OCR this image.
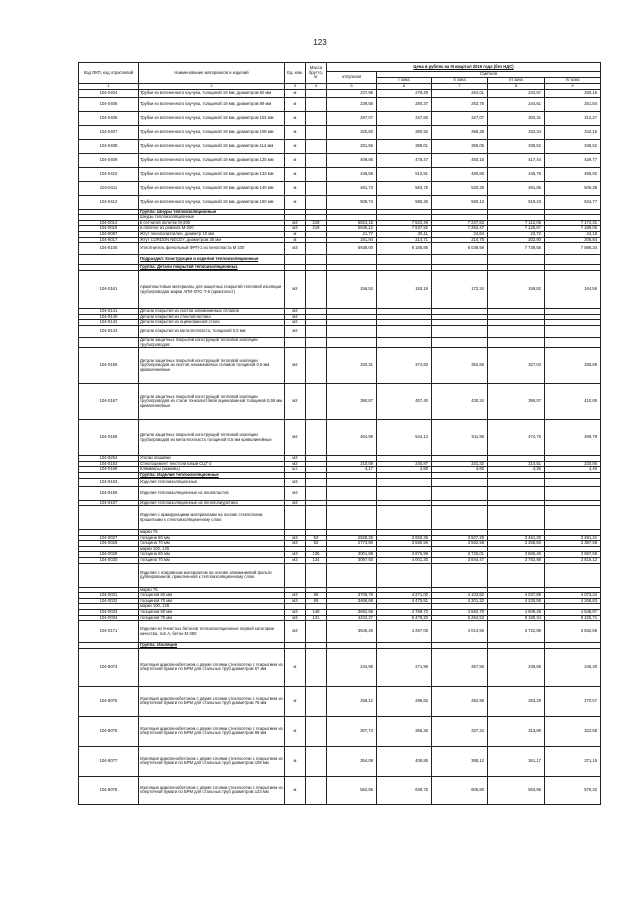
123
Код ОКП, код отраслевой	Наименование материалов и изделий	Ед. изм.	Масса брутто, кг	Цена в рублях на III квартал 2016 года (без НДС)				
				отпускная	Сметная			
					I зона	II зона	III зона	IV зона
1	2	3	4	5	6	7	8	9
104-0404	Трубки из вспененного каучука, толщиной 19 мм, диаметром 60 мм	м		237,96	278,49	262,01	242,67	250,15
104-0405	Трубки из вспененного каучука, толщиной 19 мм, диаметром 89 мм	м		239,56	280,37	263,78	244,61	251,84
104-0406	Трубки из вспененного каучука, толщиной 19 мм, диаметром 102 мм	м		297,07	347,65	327,07	303,31	312,27
104-0407	Трубки из вспененного каучука, толщиной 19 мм, диаметром 108 мм	м		325,50	380,92	358,38	332,34	342,15
104-0408	Трубки из вспененного каучука, толщиной 19 мм, диаметром 114 мм	м		331,56	388,01	365,05	338,52	348,52
104-0409	Трубки из вспененного каучука, толщиной 19 мм, диаметром 125 мм	м		408,86	478,47	450,15	417,44	429,77
104-0410	Трубки из вспененного каучука, толщиной 19 мм, диаметром 133 мм	м		436,58	510,91	480,68	445,75	458,92
104-0411	Трубки из вспененного каучука, толщиной 19 мм, диаметром 140 мм	м		481,73	563,75	530,39	491,85	506,38
104-0412	Трубки из вспененного каучука, толщиной 19 мм, диаметром 160 мм	м		508,74	595,36	560,13	519,43	534,77
	Группа: Шнуры теплоизоляционные							
	Шнуры теплоизоляционные							
104-0014	в сетчатой оплетке М-200	м3	219	5824,15	7 522,49	7 237,63	7 112,05	7 174,31
104-0015	в оплетке из ровинга М-200	м3	219	5836,12	7 537,92	7 252,47	7 126,67	7 189,05
104-8087	Жгут пенополиэтилен, диаметр 10 мм	м		21,77	25,11	24,64	23,72	24,18
104-8017	Жгут CORDON NECDY, диаметром 30 мм	м		181,94	214,71	210,78	202,90	206,84
104-8100	Уплотнитель фенольный ФРП-1 из пенопласта М 100	м3		6938,00	8 168,85	8 038,59	7 738,56	7 888,34
	Подраздел: Конструкции и изделия теплоизоляционные							
	Группа: Детали покрытий теплоизоляционных							
104-0161	Армопластовые материалы для защитных покрытий тепловой изоляции трубопроводов марки АПИ-ХПС-Т-5 (армопласт)	м2		156,53	183,19	172,34	159,82	164,55
104-8141	Детали покрытия из листов алюминиевых сплавов	м2						
104-8140	Детали покрытия из стеклопластика	м2						
104-8142	Детали покрытия из оцинкованной стали	м2						
104-8143	Детали покрытия из металлопласта, толщиной 0,5 мм	м2						
	Детали защитных покрытий конструкций тепловой изоляции трубопроводов:							
104-0166	Детали защитных покрытий конструкций тепловой изоляции трубопроводов из листов алюминиевых сплавов толщиной 0,5 мм криволинейные	м2		320,31	374,83	352,66	327,03	336,69
104-0167	Детали защитных покрытий конструкций тепловой изоляции трубопроводов из стали тонколистовой оцинкованной толщиной 0,55 мм криволинейные	м2		390,87	457,40	430,34	399,07	410,85
104-0168	Детали защитных покрытий конструкций тепловой изоляции трубопроводов из металлопласта толщиной 0,5 мм криволинейные	м2		464,99	544,14	511,95	474,75	488,78
104-8254	Уголки обшивки	м2						
104-0153	Стеклоцемент текстолитовый СЦТ-2	м2		210,09	245,87	231,32	214,51	220,85
104-0169	Кляммеры (зажимы)	шт.		4,17	4,88	4,60	4,26	4,40
	Группа: Изделия теплоизоляционные							
104-9163	Изделия теплоизоляционные	м3						
104-9166	Изделия теплоизоляционные из пенопластов	м3						
104-9167	Изделия теплоизоляционные из пенополиуретана	м3						
	Изделия с армирующими материалами на основе стеклоткани, прошитыми к стеклоизоляционному слою							
	марки 75							
104-0027	толщина 60 мм	м3	53	2828,25	3 650,35	3 507,29	3 451,20	3 481,41
104-0028	толщина 70 мм	м3	62	2773,80	3 580,59	3 582,58	3 358,83	3 387,58
	марки 100, 125							
104-0029	толщина 60 мм	м3	135	3001,68	3 876,99	3 725,01	3 665,46	3 697,55
104-0030	толщина 70 мм	м3	134	3097,93	4 001,30	3 844,47	3 782,98	3 816,12
	Изделия с покровным материалом на основе алюминиевой фольги дублированной, приклеенной к теплоизоляционному слою							
	марки 75							
104-0031	толщиной 60 мм	м3	96	3706,75	4 271,00	4 103,82	4 037,89	4 073,34
104-0032	толщиной 70 мм	м3	69	3468,68	4 475,81	4 301,32	4 230,55	4 266,83
	марки 100, 125							
104-0033	толщиной 60 мм	м3	148	3692,65	4 769,73	4 582,78	4 509,48	4 548,97
104-0034	толщиной 70 мм	м3	141	4242,27	5 479,20	5 264,53	5 180,34	5 225,71
104-0171	Изделия из ячеистых бетонов теплоизоляционные первой категории качества, тип А, бетон М-350	м3		3646,26	4 267,08	4 014,59	3 722,88	3 832,86
	Группа: Изоляция							
104-8074	Изоляция армопенобетоном с двумя слоями стеклосетки с покрытием из оберточной бумаги по БРМ для стальных труб диаметром 57 мм	м		234,95	271,99	257,55	239,65	246,30
104-8075	Изоляция армопенобетоном с двумя слоями стеклосетки с покрытием из оберточной бумаги по БРМ для стальных труб диаметром 76 мм	м		258,12	298,82	282,98	263,29	270,57
104-8076	Изоляция армопенобетоном с двумя слоями стеклосетки с покрытием из оберточной бумаги по БРМ для стальных труб диаметром 89 мм	м		307,74	356,26	337,34	313,89	322,58
104-8077	Изоляция армопенобетоном с двумя слоями стеклосетки с покрытием из оберточной бумаги по БРМ для стальных труб диаметром 108 мм	м		354,08	409,85	388,12	361,17	371,15
104-8078	Изоляция армопенобетоном с двумя слоями стеклосетки с покрытием из оберточной бумаги по БРМ для стальных труб диаметром 133 мм	м		552,65	639,75	605,80	563,66	579,32
